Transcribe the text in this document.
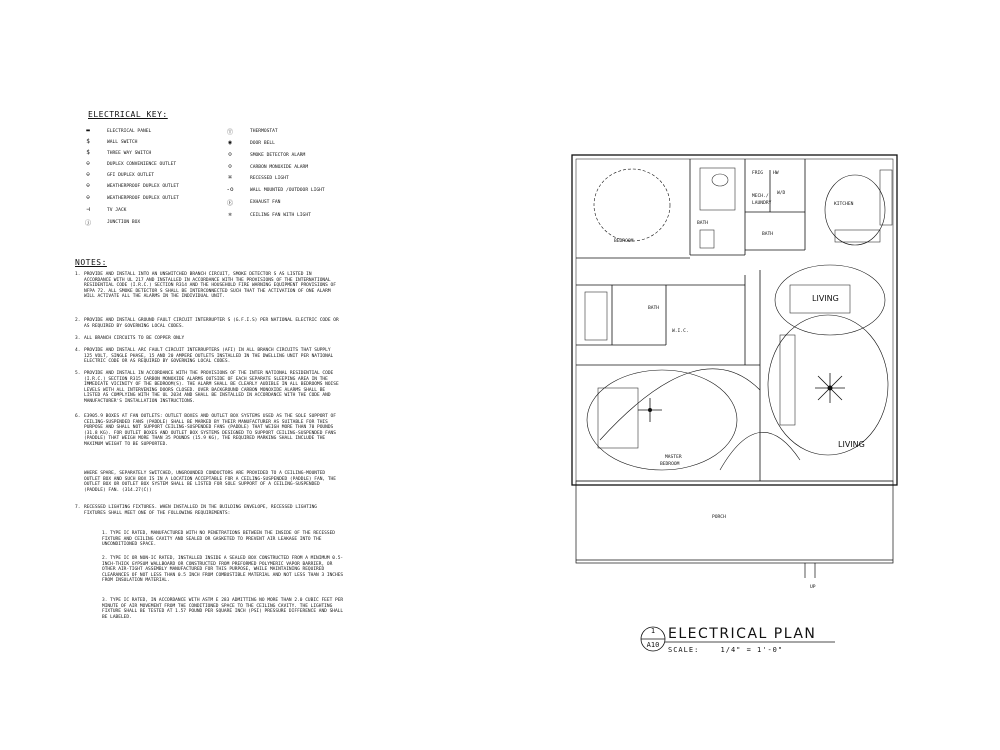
ELECTRICAL KEY:
▬	ELECTRICAL PANEL
$	WALL SWITCH
$	THREE WAY SWITCH
⊖	DUPLEX CONVENIENCE OUTLET
⊖	GFI DUPLEX OUTLET
⊖	WEATHERPROOF DUPLEX OUTLET
⊖	WEATHERPROOF DUPLEX OUTLET
⊣	TV JACK
ⓙ	JUNCTION BOX
Ⓣ	THERMOSTAT
◉	DOOR BELL
⊙	SMOKE DETECTOR ALARM
⊙	CARBON MONOXIDE ALARM
⌘	RECESSED LIGHT
-o	WALL MOUNTED /OUTDOOR LIGHT
Ⓔ	EXHAUST FAN
✲	CEILING FAN WITH LIGHT
NOTES:
1. PROVIDE AND INSTALL INTO AN UNSWITCHED BRANCH CIRCUIT, SMOKE DETECTOR S AS LISTED IN ACCORDANCE WITH UL 217 AND INSTALLED IN ACCORDANCE WITH THE PROVISIONS OF THE INTERNATIONAL RESIDENTIAL CODE (I.R.C.) SECTION R314 AND THE HOUSEHOLD FIRE WARNING EQUIPMENT PROVISIONS OF NFPA 72. ALL SMOKE DETECTOR S SHALL BE INTERCONNECTED SUCH THAT THE ACTIVATION OF ONE ALARM WILL ACTIVATE ALL THE ALARMS IN THE INDIVIDUAL UNIT.
2. PROVIDE AND INSTALL GROUND FAULT CIRCUIT INTERRUPTER S (G.F.I.S) PER NATIONAL ELECTRIC CODE OR AS REQUIRED BY GOVERNING LOCAL CODES.
3. ALL BRANCH CIRCUITS TO BE COPPER ONLY
4. PROVIDE AND INSTALL ARC FAULT CIRCUIT INTERRUPTERS (AFI) IN ALL BRANCH CIRCUITS THAT SUPPLY 125 VOLT, SINGLE PHASE, 15 AND 20 AMPERE OUTLETS INSTALLED IN THE DWELLING UNIT PER NATIONAL ELECTRIC CODE OR AS REQUIRED BY GOVERNING LOCAL CODES.
5. PROVIDE AND INSTALL IN ACCORDANCE WITH THE PROVISIONS OF THE INTER NATIONAL RESIDENTIAL CODE (I.R.C.) SECTION R315 CARBON MONOXIDE ALARMS OUTSIDE OF EACH SEPARATE SLEEPING AREA IN THE IMMEDIATE VICINITY OF THE BEDROOM(S). THE ALARM SHALL BE CLEARLY AUDIBLE IN ALL BEDROOMS NOISE LEVELS WITH ALL INTERVENING DOORS CLOSED. OVER BACKGROUND CARBON MONOXIDE ALARMS SHALL BE LISTED AS COMPLYING WITH THE UL 2034 AND SHALL BE INSTALLED IN ACCORDANCE WITH THE CODE AND MANUFACTURER'S INSTALLATION INSTRUCTIONS.
6. E3905.9 BOXES AT FAN OUTLETS: OUTLET BOXES AND OUTLET BOX SYSTEMS USED AS THE SOLE SUPPORT OF CEILING-SUSPENDED FANS (PADDLE) SHALL BE MARKED BY THEIR MANUFACTURER AS SUITABLE FOR THIS PURPOSE AND SHALL NOT SUPPORT CEILING-SUSPENDED FANS (PADDLE) THAT WEIGH MORE THAN 70 POUNDS (31.8 KG). FOR OUTLET BOXES AND OUTLET BOX SYSTEMS DESIGNED TO SUPPORT CEILING-SUSPENDED FANS (PADDLE) THAT WEIGH MORE THAN 35 POUNDS (15.9 KG), THE REQUIRED MARKING SHALL INCLUDE THE MAXIMUM WEIGHT TO BE SUPPORTED.
WHERE SPARE, SEPARATELY SWITCHED, UNGROUNDED CONDUCTORS ARE PROVIDED TO A CEILING-MOUNTED OUTLET BOX AND SUCH BOX IS IN A LOCATION ACCEPTABLE FOR A CEILING-SUSPENDED (PADDLE) FAN, THE OUTLET BOX OR OUTLET BOX SYSTEM SHALL BE LISTED FOR SOLE SUPPORT OF A CEILING-SUSPENDED (PADDLE) FAN. (314.27(C))
7. RECESSED LIGHTING FIXTURES. WHEN INSTALLED IN THE BUILDING ENVELOPE, RECESSED LIGHTING FIXTURES SHALL MEET ONE OF THE FOLLOWING REQUIREMENTS:
1. TYPE IC RATED, MANUFACTURED WITH NO PENETRATIONS BETWEEN THE INSIDE OF THE RECESSED FIXTURE AND CEILING CAVITY AND SEALED OR GASKETED TO PREVENT AIR LEAKAGE INTO THE UNCONDITIONED SPACE.
2. TYPE IC OR NON-IC RATED, INSTALLED INSIDE A SEALED BOX CONSTRUCTED FROM A MINIMUM 0.5-INCH-THICK GYPSUM WALLBOARD OR CONSTRUCTED FROM PREFORMED POLYMERIC VAPOR BARRIER, OR OTHER AIR-TIGHT ASSEMBLY MANUFACTURED FOR THIS PURPOSE, WHILE MAINTAINING REQUIRED CLEARANCES OF NOT LESS THAN 0.5 INCH FROM COMBUSTIBLE MATERIAL AND NOT LESS THAN 3 INCHES FROM INSULATION MATERIAL.
3. TYPE IC RATED, IN ACCORDANCE WITH ASTM E 283 ADMITTING NO MORE THAN 2.0 CUBIC FEET PER MINUTE OF AIR MOVEMENT FROM THE CONDITIONED SPACE TO THE CEILING CAVITY. THE LIGHTING FIXTURE SHALL BE TESTED AT 1.57 POUND PER SQUARE INCH (PSI) PRESSURE DIFFERENCE AND SHALL BE LABELED.
BEDROOM
BATH
FRIG HW
MECH./
LAUNDRY
W/D
KITCHEN
BATH
BATH
W.I.C.
LIVING
LIVING
MASTER
BEDROOM
PORCH
UP
1
A10
ELECTRICAL PLAN
SCALE:	1/4" = 1'-0"
